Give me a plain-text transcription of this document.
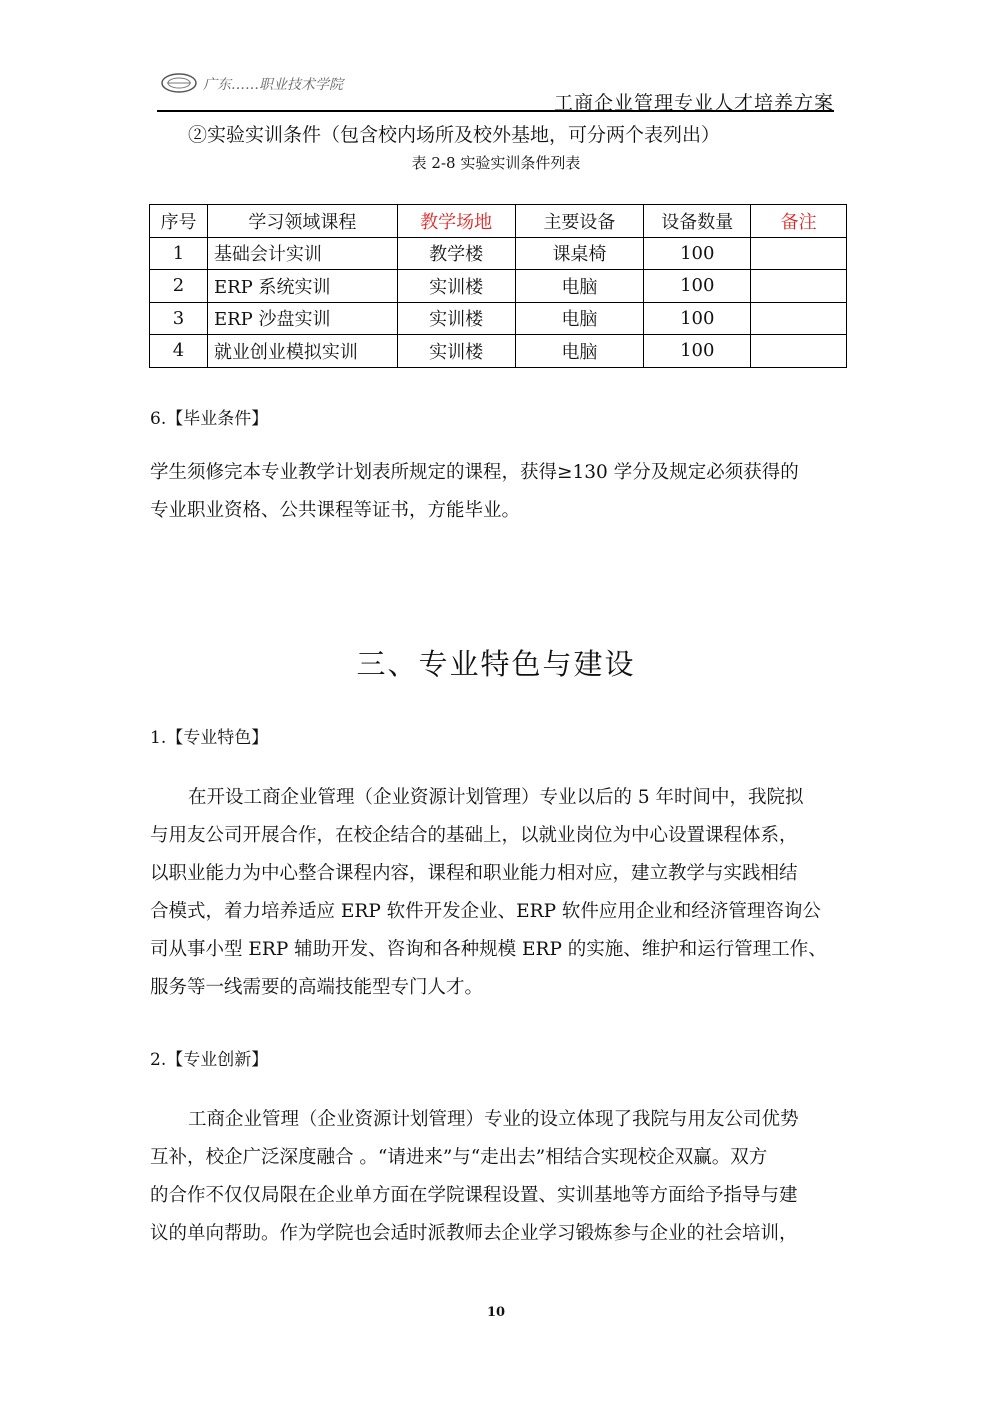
广东……职业技术学院
工商企业管理专业人才培养方案
②实验实训条件（包含校内场所及校外基地，可分两个表列出）
表 2-8 实验实训条件列表
序号	学习领域课程	教学场地	主要设备	设备数量	备注
1	基础会计实训	教学楼	课桌椅	100	
2	ERP 系统实训	实训楼	电脑	100	
3	ERP 沙盘实训	实训楼	电脑	100	
4	就业创业模拟实训	实训楼	电脑	100	
6.【毕业条件】
学生须修完本专业教学计划表所规定的课程，获得≥130 学分及规定必须获得的
专业职业资格、公共课程等证书，方能毕业。
三、专业特色与建设
1.【专业特色】
在开设工商企业管理（企业资源计划管理）专业以后的 5 年时间中，我院拟
与用友公司开展合作，在校企结合的基础上，以就业岗位为中心设置课程体系，
以职业能力为中心整合课程内容，课程和职业能力相对应，建立教学与实践相结
合模式，着力培养适应 ERP 软件开发企业、ERP 软件应用企业和经济管理咨询公
司从事小型 ERP 辅助开发、咨询和各种规模 ERP 的实施、维护和运行管理工作、
服务等一线需要的高端技能型专门人才。
2.【专业创新】
工商企业管理（企业资源计划管理）专业的设立体现了我院与用友公司优势
互补，校企广泛深度融合 。“请进来”与“走出去”相结合实现校企双赢。双方
的合作不仅仅局限在企业单方面在学院课程设置、实训基地等方面给予指导与建
议的单向帮助。作为学院也会适时派教师去企业学习锻炼参与企业的社会培训，
10
